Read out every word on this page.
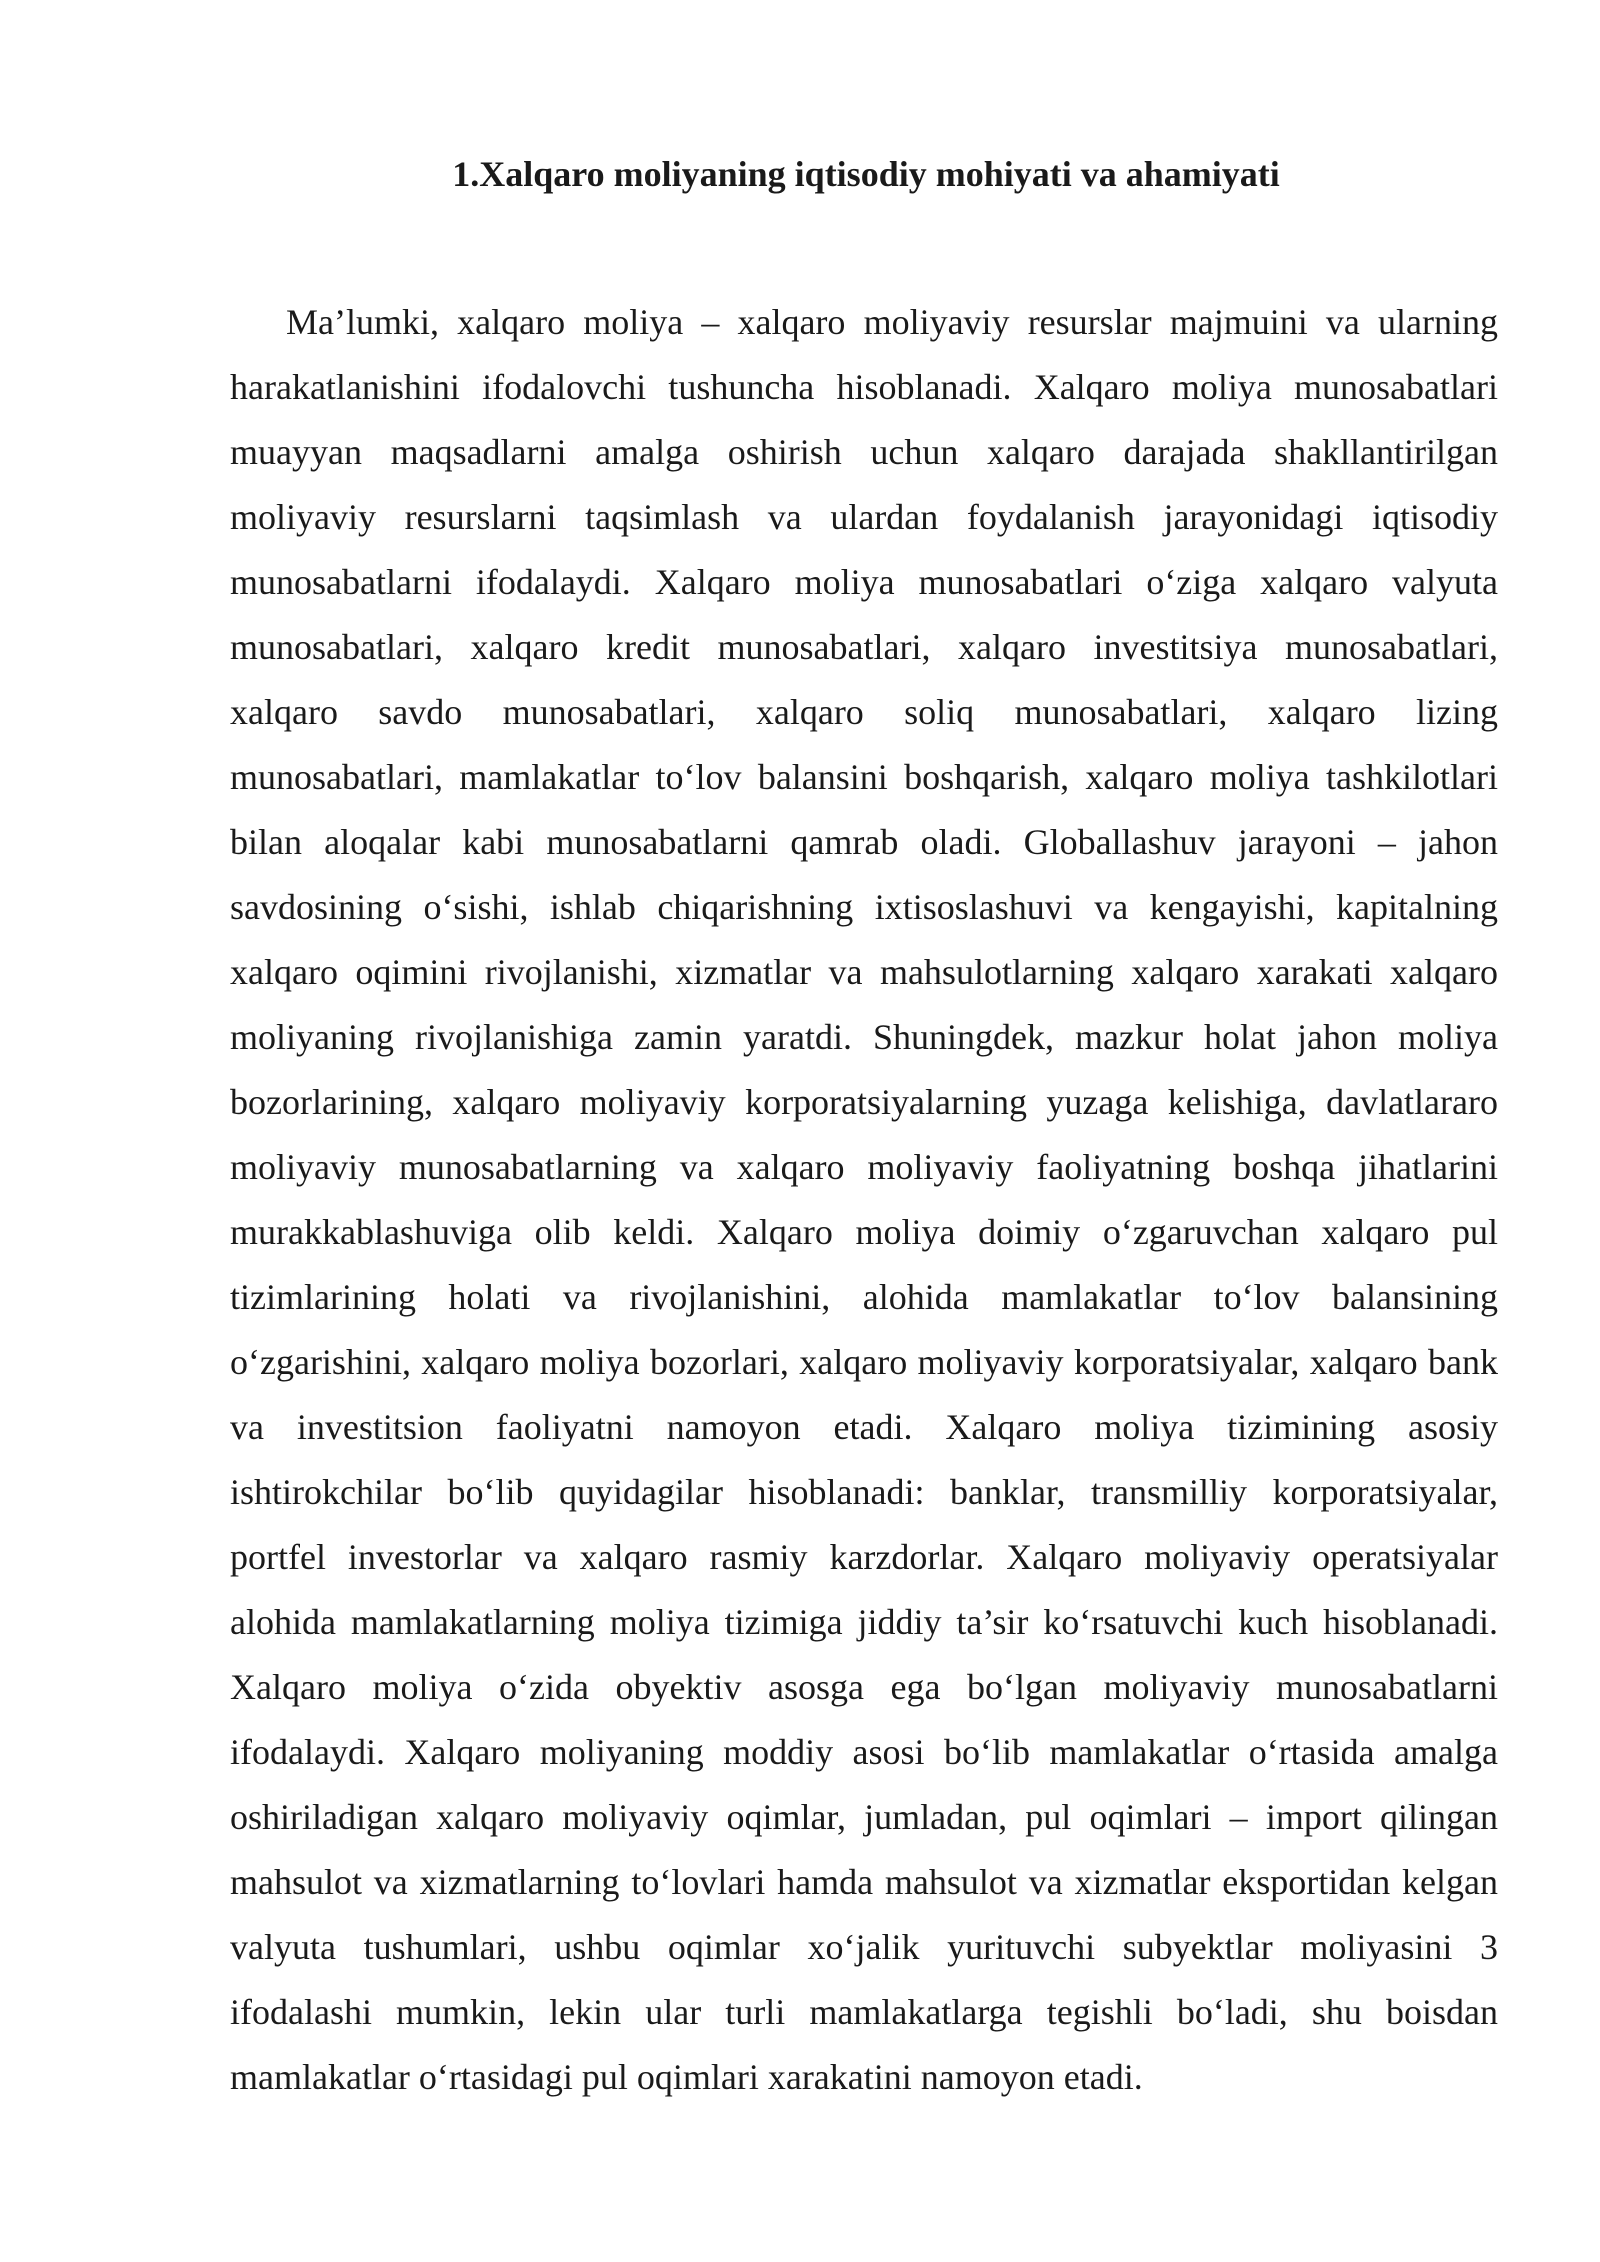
1.Xalqaro moliyaning iqtisodiy mohiyati va ahamiyati

Ma’lumki, xalqaro moliya – xalqaro moliyaviy resurslar majmuini va ularning harakatlanishini ifodalovchi tushuncha hisoblanadi. Xalqaro moliya munosabatlari muayyan maqsadlarni amalga oshirish uchun xalqaro darajada shakllantirilgan moliyaviy resurslarni taqsimlash va ulardan foydalanish jarayonidagi iqtisodiy munosabatlarni ifodalaydi. Xalqaro moliya munosabatlari o‘ziga xalqaro valyuta munosabatlari, xalqaro kredit munosabatlari, xalqaro investitsiya munosabatlari, xalqaro savdo munosabatlari, xalqaro soliq munosabatlari, xalqaro lizing munosabatlari, mamlakatlar to‘lov balansini boshqarish, xalqaro moliya tashkilotlari bilan aloqalar kabi munosabatlarni qamrab oladi. Globallashuv jarayoni – jahon savdosining o‘sishi, ishlab chiqarishning ixtisoslashuvi va kengayishi, kapitalning xalqaro oqimini rivojlanishi, xizmatlar va mahsulotlarning xalqaro xarakati xalqaro moliyaning rivojlanishiga zamin yaratdi. Shuningdek, mazkur holat jahon moliya bozorlarining, xalqaro moliyaviy korporatsiyalarning yuzaga kelishiga, davlatlararo moliyaviy munosabatlarning va xalqaro moliyaviy faoliyatning boshqa jihatlarini murakkablashuviga olib keldi. Xalqaro moliya doimiy o‘zgaruvchan xalqaro pul tizimlarining holati va rivojlanishini, alohida mamlakatlar to‘lov balansining o‘zgarishini, xalqaro moliya bozorlari, xalqaro moliyaviy korporatsiyalar, xalqaro bank va investitsion faoliyatni namoyon etadi. Xalqaro moliya tizimining asosiy ishtirokchilar bo‘lib quyidagilar hisoblanadi: banklar, transmilliy korporatsiyalar, portfel investorlar va xalqaro rasmiy karzdorlar. Xalqaro moliyaviy operatsiyalar alohida mamlakatlarning moliya tizimiga jiddiy ta’sir ko‘rsatuvchi kuch hisoblanadi. Xalqaro moliya o‘zida obyektiv asosga ega bo‘lgan moliyaviy munosabatlarni ifodalaydi. Xalqaro moliyaning moddiy asosi bo‘lib mamlakatlar o‘rtasida amalga oshiriladigan xalqaro moliyaviy oqimlar, jumladan, pul oqimlari – import qilingan mahsulot va xizmatlarning to‘lovlari hamda mahsulot va xizmatlar eksportidan kelgan valyuta tushumlari, ushbu oqimlar xo‘jalik yurituvchi subyektlar moliyasini 3 ifodalashi mumkin, lekin ular turli mamlakatlarga tegishli bo‘ladi, shu boisdan mamlakatlar o‘rtasidagi pul oqimlari xarakatini namoyon etadi.
